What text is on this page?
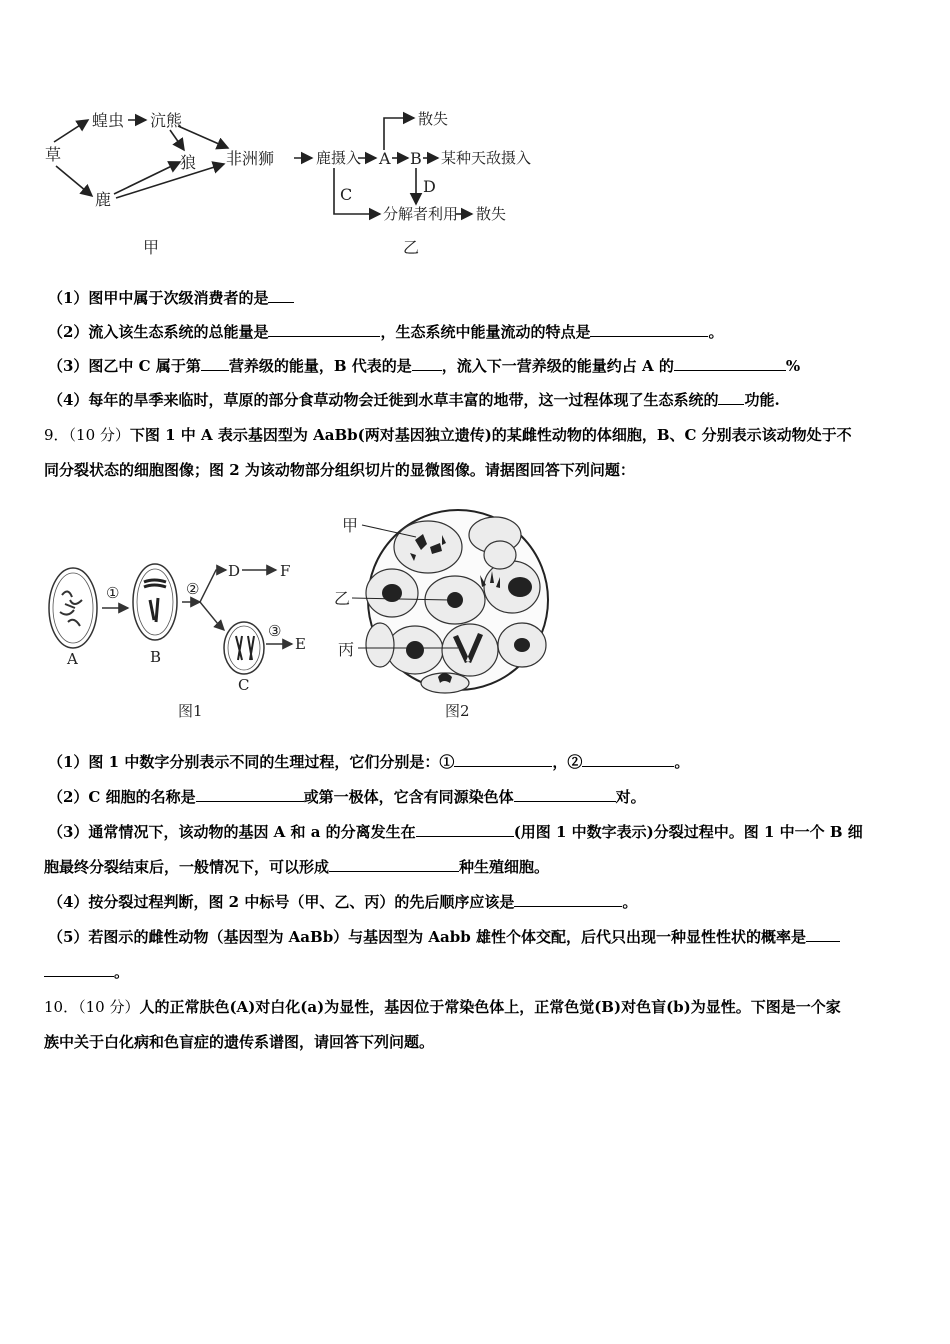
草
蝗虫
鹿
沆熊
狼 非洲狮
甲
鹿摄入 A B 某种天敌摄入
散失
D
C
分解者利用 散失
乙
（1）图甲中属于次级消费者的是
（2）流入该生态系统的总能量是	，生态系统中能量流动的特点是	。
（3）图乙中 C 属于第 营养级的能量，B 代表的是 ，流入下一营养级的能量约占 A 的	%
（4）每年的旱季来临时，草原的部分食草动物会迁徙到水草丰富的地带，这一过程体现了生态系统的 功能.
9．（10 分）下图 1 中 A 表示基因型为 AaBb(两对基因独立遗传)的某雌性动物的体细胞，B、C 分别表示该动物处于不
同分裂状态的细胞图像；图 2 为该动物部分组织切片的显微图像。请据图回答下列问题：
①	②
③
A	B
C
D	F
E
图1
甲
乙
丙
图2
（1）图 1 中数字分别表示不同的生理过程，它们分别是：①	，②	。
（2）C 细胞的名称是	或第一极体，它含有同源染色体	对。
（3）通常情况下，该动物的基因 A 和 a 的分离发生在	(用图 1 中数字表示)分裂过程中。图 1 中一个 B 细
胞最终分裂结束后，一般情况下，可以形成	种生殖细胞。
（4）按分裂过程判断，图 2 中标号（甲、乙、丙）的先后顺序应该是	。
（5）若图示的雌性动物（基因型为 AaBb）与基因型为 Aabb 雄性个体交配，后代只出现一种显性性状的概率是
。
10．（10 分）人的正常肤色(A)对白化(a)为显性，基因位于常染色体上，正常色觉(B)对色盲(b)为显性。下图是一个家
族中关于白化病和色盲症的遗传系谱图，请回答下列问题。
